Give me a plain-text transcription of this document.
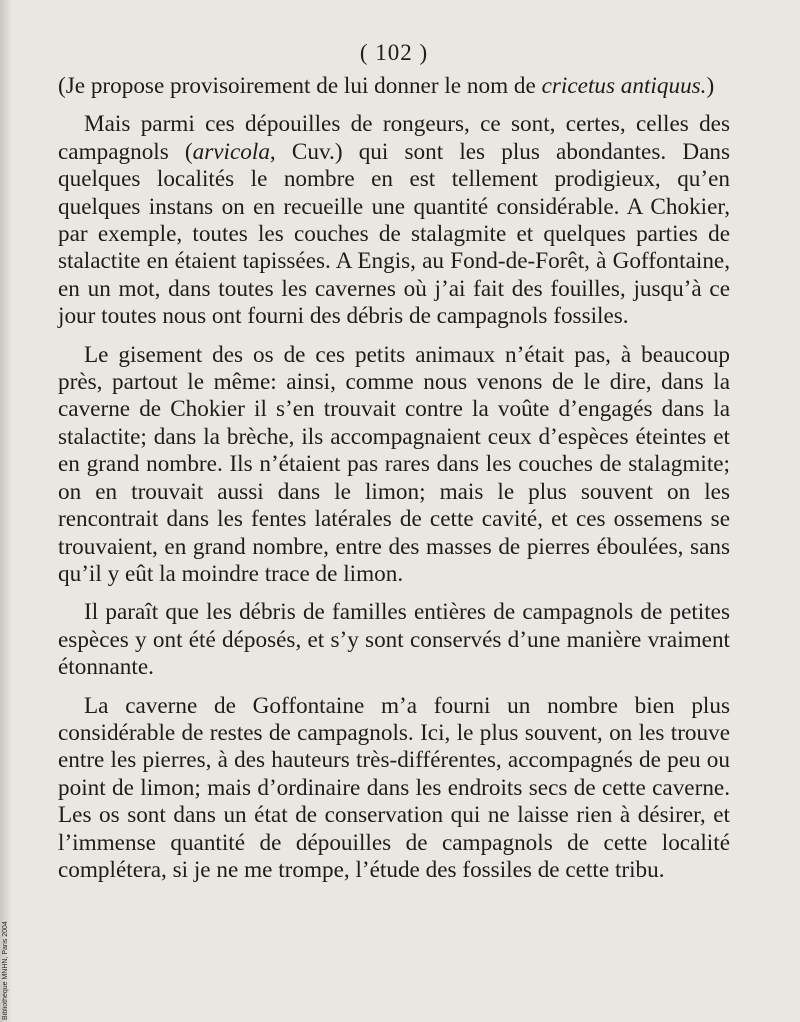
( 102 )

(Je propose provisoirement de lui donner le nom de cricetus antiquus.)

Mais parmi ces dépouilles de rongeurs, ce sont, certes, celles des campagnols (arvicola, Cuv.) qui sont les plus abondantes. Dans quelques localités le nombre en est tellement prodigieux, qu’en quelques instans on en recueille une quantité considérable. A Chokier, par exemple, toutes les couches de stalagmite et quelques parties de stalactite en étaient tapissées. A Engis, au Fond-de-Forêt, à Goffontaine, en un mot, dans toutes les cavernes où j’ai fait des fouilles, jusqu’à ce jour toutes nous ont fourni des débris de campagnols fossiles.

Le gisement des os de ces petits animaux n’était pas, à beaucoup près, partout le même: ainsi, comme nous venons de le dire, dans la caverne de Chokier il s’en trouvait contre la voûte d’engagés dans la stalactite; dans la brèche, ils accompagnaient ceux d’espèces éteintes et en grand nombre. Ils n’étaient pas rares dans les couches de stalagmite; on en trouvait aussi dans le limon; mais le plus souvent on les rencontrait dans les fentes latérales de cette cavité, et ces ossemens se trouvaient, en grand nombre, entre des masses de pierres éboulées, sans qu’il y eût la moindre trace de limon.

Il paraît que les débris de familles entières de campagnols de petites espèces y ont été déposés, et s’y sont conservés d’une manière vraiment étonnante.

La caverne de Goffontaine m’a fourni un nombre bien plus considérable de restes de campagnols. Ici, le plus souvent, on les trouve entre les pierres, à des hauteurs très-différentes, accompagnés de peu ou point de limon; mais d’ordinaire dans les endroits secs de cette caverne. Les os sont dans un état de conservation qui ne laisse rien à désirer, et l’immense quantité de dépouilles de campagnols de cette localité complétera, si je ne me trompe, l’étude des fossiles de cette tribu.

Bibliothèque MNHN, Paris 2004
